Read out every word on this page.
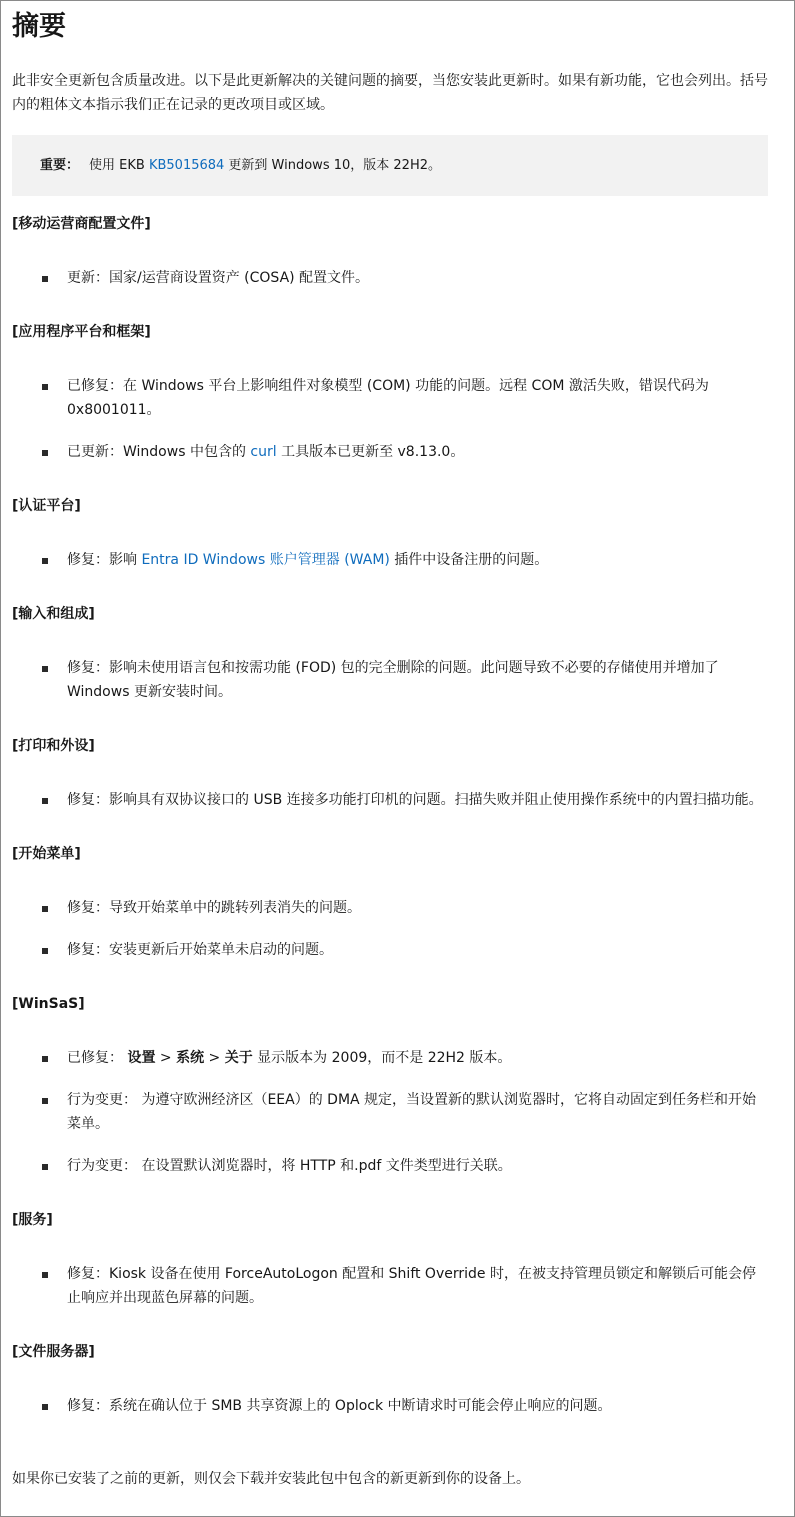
摘要

此非安全更新包含质量改进。以下是此更新解决的关键问题的摘要，当您安装此更新时。如果有新功能，它也会列出。括号内的粗体文本指示我们正在记录的更改项目或区域。

重要： 使用 EKB KB5015684 更新到 Windows 10，版本 22H2。

[移动运营商配置文件]

更新：国家/运营商设置资产 (COSA) 配置文件。

[应用程序平台和框架]

已修复：在 Windows 平台上影响组件对象模型 (COM) 功能的问题。远程 COM 激活失败，错误代码为 0x8001011。
已更新：Windows 中包含的 curl 工具版本已更新至 v8.13.0。

[认证平台]

修复：影响 Entra ID Windows 账户管理器 (WAM) 插件中设备注册的问题。

[输入和组成]

修复：影响未使用语言包和按需功能 (FOD) 包的完全删除的问题。此问题导致不必要的存储使用并增加了 Windows 更新安装时间。

[打印和外设]

修复：影响具有双协议接口的 USB 连接多功能打印机的问题。扫描失败并阻止使用操作系统中的内置扫描功能。

[开始菜单]

修复：导致开始菜单中的跳转列表消失的问题。
修复：安装更新后开始菜单未启动的问题。

[WinSaS]

已修复： 设置 > 系统 > 关于 显示版本为 2009，而不是 22H2 版本。
行为变更： 为遵守欧洲经济区（EEA）的 DMA 规定，当设置新的默认浏览器时，它将自动固定到任务栏和开始菜单。
行为变更： 在设置默认浏览器时，将 HTTP 和.pdf 文件类型进行关联。

[服务]

修复：Kiosk 设备在使用 ForceAutoLogon 配置和 Shift Override 时，在被支持管理员锁定和解锁后可能会停止响应并出现蓝色屏幕的问题。

[文件服务器]

修复：系统在确认位于 SMB 共享资源上的 Oplock 中断请求时可能会停止响应的问题。

如果你已安装了之前的更新，则仅会下载并安装此包中包含的新更新到你的设备上。
